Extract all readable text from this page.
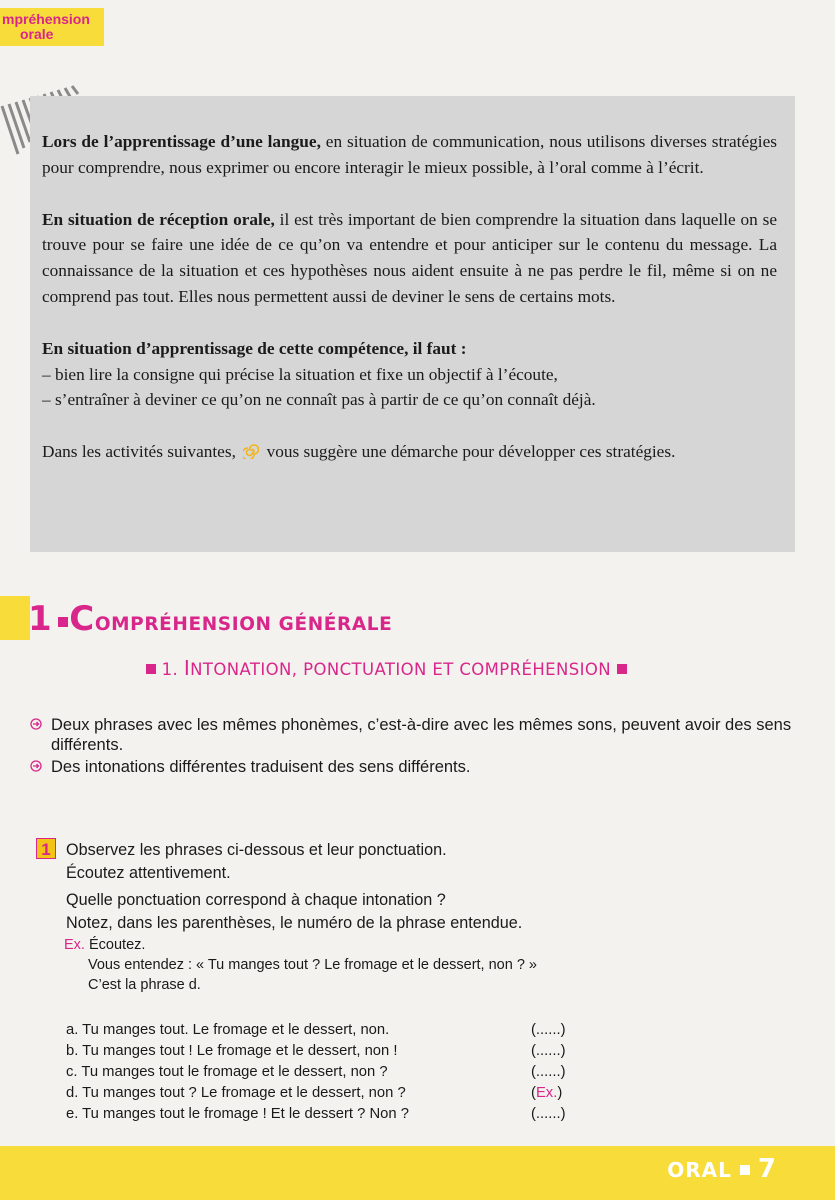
mpréhension
orale

Lors de l’apprentissage d’une langue, en situation de communication, nous utilisons diverses stratégies pour comprendre, nous exprimer ou encore interagir le mieux possible, à l’oral comme à l’écrit.

En situation de réception orale, il est très important de bien comprendre la situation dans laquelle on se trouve pour se faire une idée de ce qu’on va entendre et pour anticiper sur le contenu du message. La connaissance de la situation et ces hypothèses nous aident ensuite à ne pas perdre le fil, même si on ne comprend pas tout. Elles nous permettent aussi de deviner le sens de certains mots.

En situation d’apprentissage de cette compétence, il faut :
– bien lire la consigne qui précise la situation et fixe un objectif à l’écoute,
– s’entraîner à deviner ce qu’on ne connaît pas à partir de ce qu’on connaît déjà.

Dans les activités suivantes, vous suggère une démarche pour développer ces stratégies.

1 COMPRÉHENSION GÉNÉRALE
1. INTONATION, PONCTUATION ET COMPRÉHENSION
Deux phrases avec les mêmes phonèmes, c’est-à-dire avec les mêmes sons, peuvent avoir des sens différents.
Des intonations différentes traduisent des sens différents.
1 Observez les phrases ci-dessous et leur ponctuation.
Écoutez attentivement.
Quelle ponctuation correspond à chaque intonation ?
Notez, dans les parenthèses, le numéro de la phrase entendue.
Ex. Écoutez.
Vous entendez : « Tu manges tout ? Le fromage et le dessert, non ? »
C’est la phrase d.
a. Tu manges tout. Le fromage et le dessert, non.	(......)
b. Tu manges tout ! Le fromage et le dessert, non !	(......)
c. Tu manges tout le fromage et le dessert, non ?	(......)
d. Tu manges tout ? Le fromage et le dessert, non ?	(Ex.)
e. Tu manges tout le fromage ! Et le dessert ? Non ?	(......)
ORAL 7
